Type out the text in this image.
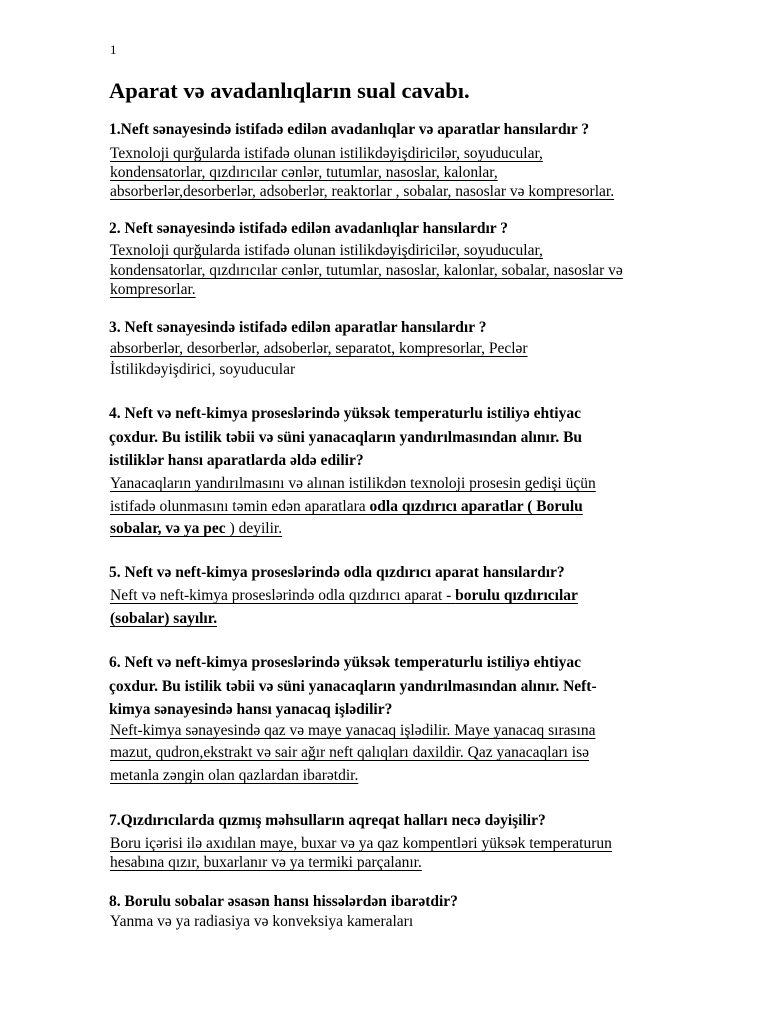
1
Aparat və avadanlıqların sual cavabı.
1.Neft sənayesində istifadə edilən avadanlıqlar və aparatlar hansılardır ?
Texnoloji qurğularda istifadə olunan istilikdəyişdiricilər, soyuducular,
kondensatorlar, qızdırıcılar cənlər, tutumlar, nasoslar, kalonlar,
absorberlər,desorberlər, adsoberlər, reaktorlar , sobalar, nasoslar və kompresorlar.
2. Neft sənayesində istifadə edilən avadanlıqlar hansılardır ?
Texnoloji qurğularda istifadə olunan istilikdəyişdiricilər, soyuducular,
kondensatorlar, qızdırıcılar cənlər, tutumlar, nasoslar, kalonlar, sobalar, nasoslar və
kompresorlar.
3. Neft sənayesində istifadə edilən aparatlar hansılardır ?
absorberlər, desorberlər, adsoberlər, separatot, kompresorlar, Peclər
İstilikdəyişdirici, soyuducular
4. Neft və neft-kimya proseslərində yüksək temperaturlu istiliyə ehtiyac
çoxdur. Bu istilik təbii və süni yanacaqların yandırılmasından alınır. Bu
istiliklər hansı aparatlarda əldə edilir?
Yanacaqların yandırılmasını və alınan istilikdən texnoloji prosesin gedişi üçün
istifadə olunmasını təmin edən aparatlara odla qızdırıcı aparatlar ( Borulu
sobalar, və ya pec ) deyilir.
5. Neft və neft-kimya proseslərində odla qızdırıcı aparat hansılardır?
Neft və neft-kimya proseslərində odla qızdırıcı aparat - borulu qızdırıcılar
(sobalar) sayılır.
6. Neft və neft-kimya proseslərində yüksək temperaturlu istiliyə ehtiyac
çoxdur. Bu istilik təbii və süni yanacaqların yandırılmasından alınır. Neft-
kimya sənayesində hansı yanacaq işlədilir?
Neft-kimya sənayesində qaz və maye yanacaq işlədilir. Maye yanacaq sırasına
mazut, qudron,ekstrakt və sair ağır neft qalıqları daxildir. Qaz yanacaqları isə
metanla zəngin olan qazlardan ibarətdir.
7.Qızdırıcılarda qızmış məhsulların aqreqat halları necə dəyişilir?
Boru içərisi ilə axıdılan maye, buxar və ya qaz kompentləri yüksək temperaturun
hesabına qızır, buxarlanır və ya termiki parçalanır.
8. Borulu sobalar əsasən hansı hissələrdən ibarətdir?
Yanma və ya radiasiya və konveksiya kameraları
